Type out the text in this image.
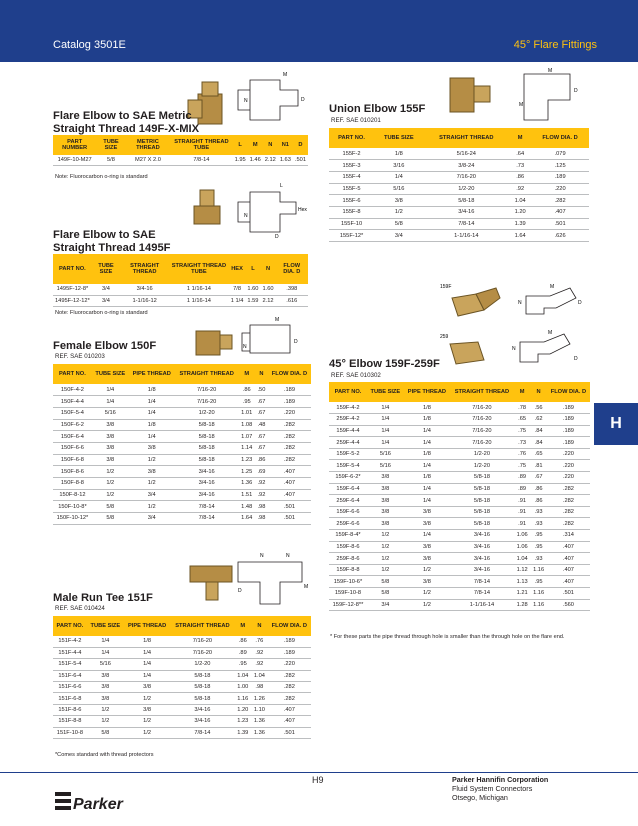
Catalog 3501E	45° Flare Fittings
H
M
N	D
Flare Elbow to SAE Metric
Straight Thread 149F-X-MIX
PART NUMBER	TUBE SIZE	METRIC THREAD	STRAIGHT THREAD TUBE	L	M	N	N1	D
149F-10-M27	5/8	M27 X 2.0	7/8-14	1.95	1.46	2.12	1.63	.501
Note: Fluorocarbon o-ring is standard
L
N
Hex
D
Flare Elbow to SAE
Straight Thread 1495F
PART NO.	TUBE SIZE	STRAIGHT THREAD	STRAIGHT THREAD TUBE	HEX	L	N	FLOW DIA. D
1495F-12-8*	3/4	3/4-16	1 1/16-14	7/8	1.60	1.60	.398
1495F-12-12*	3/4	1-1/16-12	1 1/16-14	1 1/4	1.59	2.12	.616
Note: Fluorocarbon o-ring is standard
M
N
D
Female Elbow 150F
REF. SAE 010203
PART NO.	TUBE SIZE	PIPE THREAD	STRAIGHT THREAD	M	N	FLOW DIA. D
150F-4-2	1/4	1/8	7/16-20	.86	.50	.189
150F-4-4	1/4	1/4	7/16-20	.95	.67	.189
150F-5-4	5/16	1/4	1/2-20	1.01	.67	.220
150F-6-2	3/8	1/8	5/8-18	1.08	.48	.282
150F-6-4	3/8	1/4	5/8-18	1.07	.67	.282
150F-6-6	3/8	3/8	5/8-18	1.14	.67	.282
150F-6-8	3/8	1/2	5/8-18	1.23	.86	.282
150F-8-6	1/2	3/8	3/4-16	1.25	.69	.407
150F-8-8	1/2	1/2	3/4-16	1.36	.92	.407
150F-8-12	1/2	3/4	3/4-16	1.51	.92	.407
150F-10-8*	5/8	1/2	7/8-14	1.48	.98	.501
150F-10-12*	5/8	3/4	7/8-14	1.64	.98	.501
N	N
D
M
Male Run Tee 151F
REF. SAE 010424
PART NO.	TUBE SIZE	PIPE THREAD	STRAIGHT THREAD	M	N	FLOW DIA. D
151F-4-2	1/4	1/8	7/16-20	.86	.76	.189
151F-4-4	1/4	1/4	7/16-20	.89	.92	.189
151F-5-4	5/16	1/4	1/2-20	.95	.92	.220
151F-6-4	3/8	1/4	5/8-18	1.04	1.04	.282
151F-6-6	3/8	3/8	5/8-18	1.00	.98	.282
151F-6-8	3/8	1/2	5/8-18	1.16	1.26	.282
151F-8-6	1/2	3/8	3/4-16	1.20	1.10	.407
151F-8-8	1/2	1/2	3/4-16	1.23	1.36	.407
151F-10-8	5/8	1/2	7/8-14	1.39	1.36	.501
*Comes standard with thread protectors
M
M
D
Union Elbow 155F
REF. SAE 010201
PART NO.	TUBE SIZE	STRAIGHT THREAD	M	FLOW DIA. D
155F-2	1/8	5/16-24	.64	.079
155F-3	3/16	3/8-24	.73	.125
155F-4	1/4	7/16-20	.86	.189
155F-5	5/16	1/2-20	.92	.220
155F-6	3/8	5/8-18	1.04	.282
155F-8	1/2	3/4-16	1.20	.407
155F-10	5/8	7/8-14	1.39	.501
155F-12*	3/4	1-1/16-14	1.64	.626
159F	M
N	D
259
M
N
D
45° Elbow 159F-259F
REF. SAE 010302
PART NO.	TUBE SIZE	PIPE THREAD	STRAIGHT THREAD	M	N	FLOW DIA. D
159F-4-2	1/4	1/8	7/16-20	.78	.56	.189
259F-4-2	1/4	1/8	7/16-20	.65	.62	.189
159F-4-4	1/4	1/4	7/16-20	.75	.84	.189
259F-4-4	1/4	1/4	7/16-20	.73	.84	.189
159F-5-2	5/16	1/8	1/2-20	.76	.65	.220
159F-5-4	5/16	1/4	1/2-20	.75	.81	.220
159F-6-2*	3/8	1/8	5/8-18	.89	.67	.220
159F-6-4	3/8	1/4	5/8-18	.89	.86	.282
259F-6-4	3/8	1/4	5/8-18	.91	.86	.282
159F-6-6	3/8	3/8	5/8-18	.91	.93	.282
259F-6-6	3/8	3/8	5/8-18	.91	.93	.282
159F-8-4*	1/2	1/4	3/4-16	1.06	.95	.314
159F-8-6	1/2	3/8	3/4-16	1.06	.95	.407
259F-8-6	1/2	3/8	3/4-16	1.04	.93	.407
159F-8-8	1/2	1/2	3/4-16	1.12	1.16	.407
159F-10-6*	5/8	3/8	7/8-14	1.13	.95	.407
159F-10-8	5/8	1/2	7/8-14	1.21	1.16	.501
159F-12-8**	3/4	1/2	1-1/16-14	1.28	1.16	.560
* For these parts the pipe thread through hole is smaller than the through hole on the flare end.
H9	Parker Hannifin Corporation
Fluid System Connectors
Otsego, Michigan
Parker
